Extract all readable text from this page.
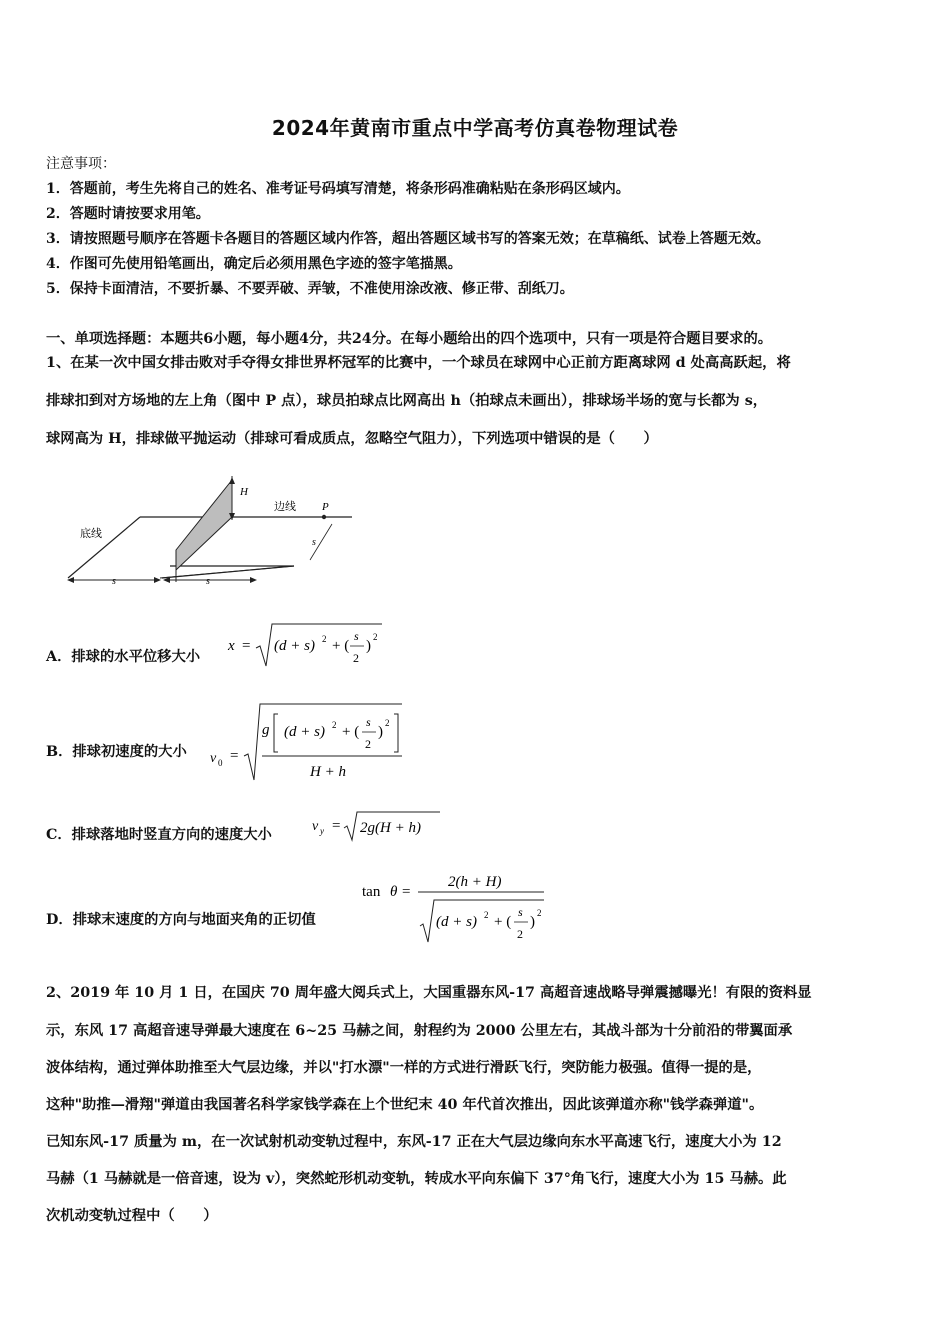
2024年黄南市重点中学高考仿真卷物理试卷
注意事项：
1．答题前，考生先将自己的姓名、准考证号码填写清楚，将条形码准确粘贴在条形码区域内。
2．答题时请按要求用笔。
3．请按照题号顺序在答题卡各题目的答题区域内作答，超出答题区域书写的答案无效；在草稿纸、试卷上答题无效。
4．作图可先使用铅笔画出，确定后必须用黑色字迹的签字笔描黑。
5．保持卡面清洁，不要折暴、不要弄破、弄皱，不准使用涂改液、修正带、刮纸刀。
一、单项选择题：本题共6小题，每小题4分，共24分。在每小题给出的四个选项中，只有一项是符合题目要求的。
1、在某一次中国女排击败对手夺得女排世界杯冠军的比赛中，一个球员在球网中心正前方距离球网 d 处高高跃起，将
排球扣到对方场地的左上角（图中 P 点），球员拍球点比网高出 h（拍球点未画出），排球场半场的宽与长都为 s，
球网高为 H，排球做平抛运动（排球可看成质点，忽略空气阻力），下列选项中错误的是（　　）
H
边线 P
底线
s
s	s
A．排球的水平位移大小
x = (d + s) 2 + (
s
2
)
2
B．排球初速度的大小 v 0 =
g (d + s) 2 + (
s
2
)
2
H + h
C．排球落地时竖直方向的速度大小
v y = 2g(H + h)
D．排球末速度的方向与地面夹角的正切值
tan θ =
2(h + H)
(d + s) 2 + (
s
2
)
2
2、2019 年 10 月 1 日，在国庆 70 周年盛大阅兵式上，大国重器东风-17 高超音速战略导弹震撼曝光！有限的资料显
示，东风 17 高超音速导弹最大速度在 6~25 马赫之间，射程约为 2000 公里左右，其战斗部为十分前沿的带翼面承
波体结构，通过弹体助推至大气层边缘，并以"打水漂"一样的方式进行滑跃飞行，突防能力极强。值得一提的是，
这种"助推—滑翔"弹道由我国著名科学家钱学森在上个世纪末 40 年代首次推出，因此该弹道亦称"钱学森弹道"。
已知东风-17 质量为 m，在一次试射机动变轨过程中，东风-17 正在大气层边缘向东水平高速飞行，速度大小为 12
马赫（1 马赫就是一倍音速，设为 v），突然蛇形机动变轨，转成水平向东偏下 37°角飞行，速度大小为 15 马赫。此
次机动变轨过程中（　　）
